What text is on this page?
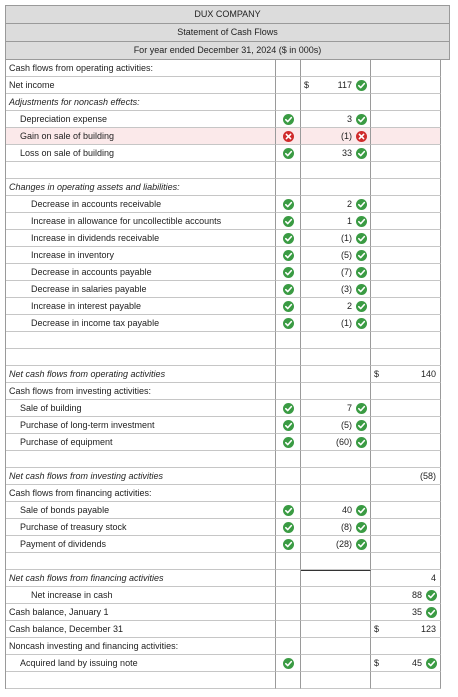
DUX COMPANY
Statement of Cash Flows
For year ended December 31, 2024 ($ in 000s)
Cash flows from operating activities:
Net income	$	117
Adjustments for noncash effects:
Depreciation expense	3
Gain on sale of building	(1)
Loss on sale of building	33
Changes in operating assets and liabilities:
Decrease in accounts receivable	2
Increase in allowance for uncollectible accounts	1
Increase in dividends receivable	(1)
Increase in inventory	(5)
Decrease in accounts payable	(7)
Decrease in salaries payable	(3)
Increase in interest payable	2
Decrease in income tax payable	(1)
Net cash flows from operating activities	$	140
Cash flows from investing activities:
Sale of building	7
Purchase of long-term investment	(5)
Purchase of equipment	(60)
Net cash flows from investing activities	(58)
Cash flows from financing activities:
Sale of bonds payable	40
Purchase of treasury stock	(8)
Payment of dividends	(28)
Net cash flows from financing activities	4
Net increase in cash	88
Cash balance, January 1	35
Cash balance, December 31	$	123
Noncash investing and financing activities:
Acquired land by issuing note	$	45
